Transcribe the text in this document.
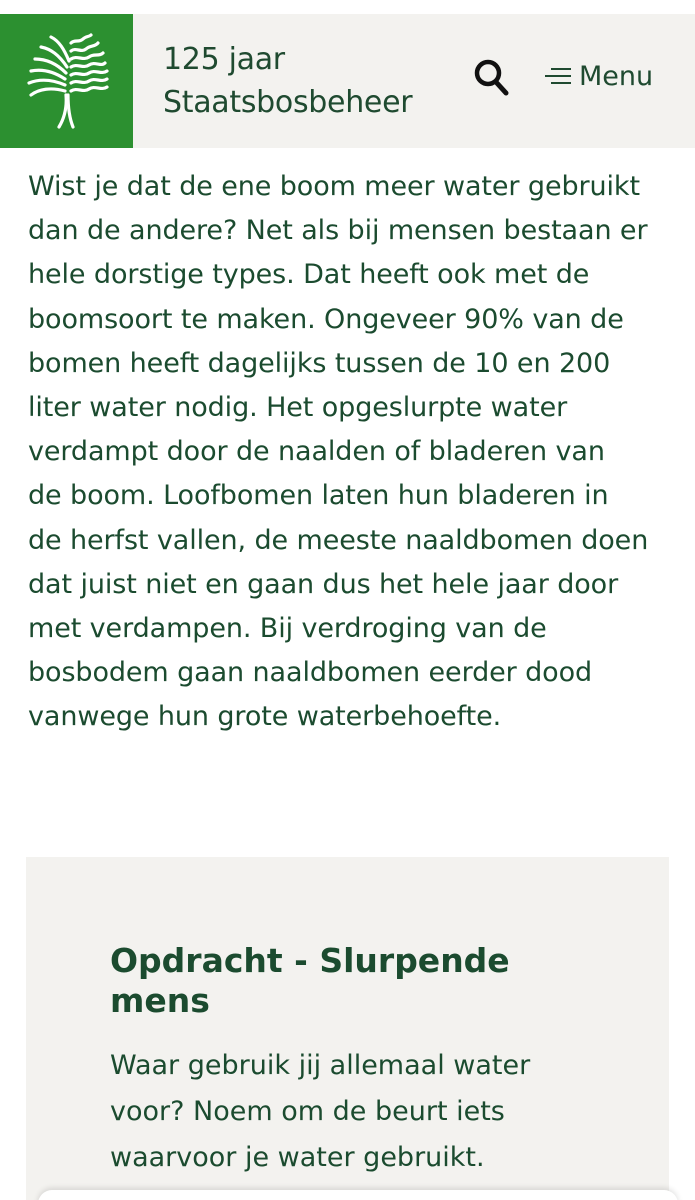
125 jaar
Staatsbosbeheer
Menu
Wist je dat de ene boom meer water gebruikt
dan de andere? Net als bij mensen bestaan er
hele dorstige types. Dat heeft ook met de
boomsoort te maken. Ongeveer 90% van de
bomen heeft dagelijks tussen de 10 en 200
liter water nodig. Het opgeslurpte water
verdampt door de naalden of bladeren van
de boom. Loofbomen laten hun bladeren in
de herfst vallen, de meeste naaldbomen doen
dat juist niet en gaan dus het hele jaar door
met verdampen. Bij verdroging van de
bosbodem gaan naaldbomen eerder dood
vanwege hun grote waterbehoefte.
Opdracht - Slurpende mens
Waar gebruik jij allemaal water
voor? Noem om de beurt iets
waarvoor je water gebruikt.
